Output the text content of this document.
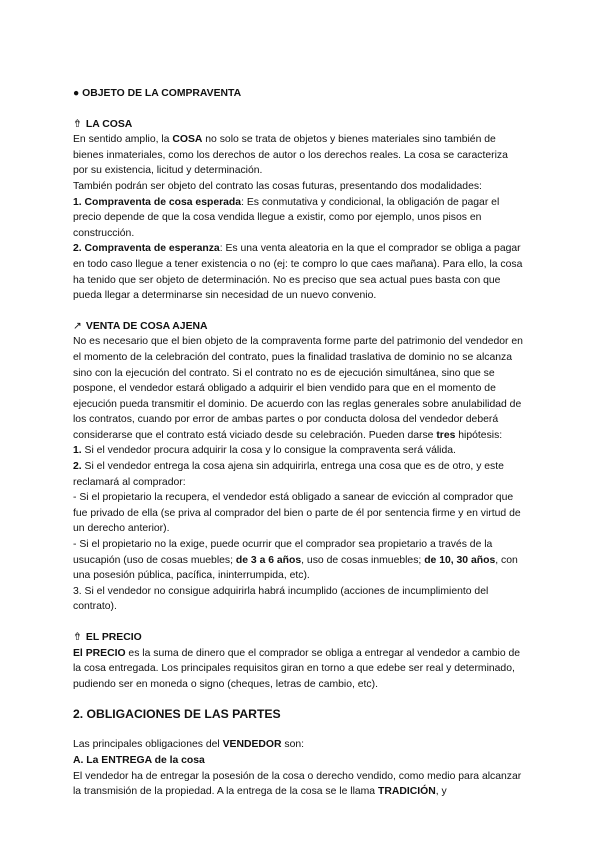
● OBJETO DE LA COMPRAVENTA

⇮ LA COSA

En sentido amplio, la COSA no solo se trata de objetos y bienes materiales sino también de bienes inmateriales, como los derechos de autor o los derechos reales. La cosa se caracteriza por su existencia, licitud y determinación.

También podrán ser objeto del contrato las cosas futuras, presentando dos modalidades:

1. Compraventa de cosa esperada: Es conmutativa y condicional, la obligación de pagar el precio depende de que la cosa vendida llegue a existir, como por ejemplo, unos pisos en construcción.

2. Compraventa de esperanza: Es una venta aleatoria en la que el comprador se obliga a pagar en todo caso llegue a tener existencia o no (ej: te compro lo que caes mañana). Para ello, la cosa ha tenido que ser objeto de determinación. No es preciso que sea actual pues basta con que pueda llegar a determinarse sin necesidad de un nuevo convenio.

↗ VENTA DE COSA AJENA

No es necesario que el bien objeto de la compraventa forme parte del patrimonio del vendedor en el momento de la celebración del contrato, pues la finalidad traslativa de dominio no se alcanza sino con la ejecución del contrato. Si el contrato no es de ejecución simultánea, sino que se pospone, el vendedor estará obligado a adquirir el bien vendido para que en el momento de ejecución pueda transmitir el dominio. De acuerdo con las reglas generales sobre anulabilidad de los contratos, cuando por error de ambas partes o por conducta dolosa del vendedor deberá considerarse que el contrato está viciado desde su celebración. Pueden darse tres hipótesis:

1. Si el vendedor procura adquirir la cosa y lo consigue la compraventa será válida.

2. Si el vendedor entrega la cosa ajena sin adquirirla, entrega una cosa que es de otro, y este reclamará al comprador:

- Si el propietario la recupera, el vendedor está obligado a sanear de evicción al comprador que fue privado de ella (se priva al comprador del bien o parte de él por sentencia firme y en virtud de un derecho anterior).

- Si el propietario no la exige, puede ocurrir que el comprador sea propietario a través de la usucapión (uso de cosas muebles; de 3 a 6 años, uso de cosas inmuebles; de 10, 30 años, con una posesión pública, pacífica, ininterrumpida, etc).

3. Si el vendedor no consigue adquirirla habrá incumplido (acciones de incumplimiento del contrato).

⇮ EL PRECIO

El PRECIO es la suma de dinero que el comprador se obliga a entregar al vendedor a cambio de la cosa entregada. Los principales requisitos giran en torno a que edebe ser real y determinado, pudiendo ser en moneda o signo (cheques, letras de cambio, etc).

2. OBLIGACIONES DE LAS PARTES

Las principales obligaciones del VENDEDOR son:

A. La ENTREGA de la cosa

El vendedor ha de entregar la posesión de la cosa o derecho vendido, como medio para alcanzar la transmisión de la propiedad. A la entrega de la cosa se le llama TRADICIÓN, y
